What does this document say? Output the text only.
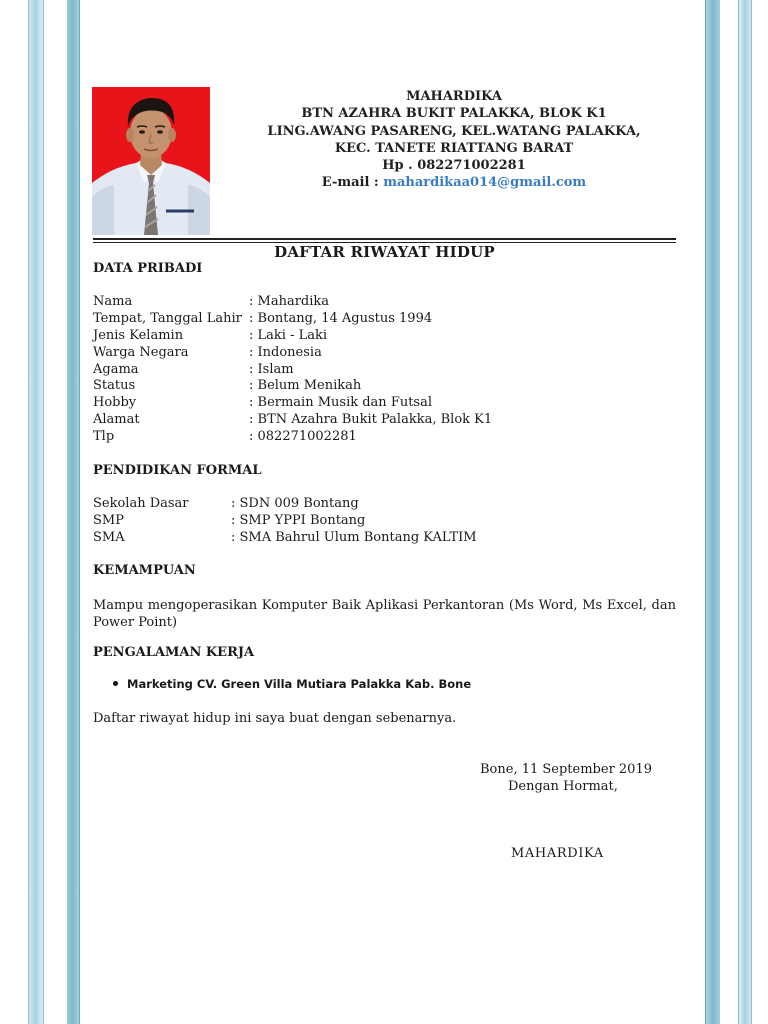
MAHARDIKA
BTN AZAHRA BUKIT PALAKKA, BLOK K1
LING.AWANG PASARENG, KEL.WATANG PALAKKA,
KEC. TANETE RIATTANG BARAT
Hp . 082271002281
E-mail : mahardikaa014@gmail.com
DAFTAR RIWAYAT HIDUP
DATA PRIBADI
Nama	: Mahardika
Tempat, Tanggal Lahir : Bontang, 14 Agustus 1994
Jenis Kelamin	: Laki - Laki
Warga Negara	: Indonesia
Agama	: Islam
Status	: Belum Menikah
Hobby	: Bermain Musik dan Futsal
Alamat	: BTN Azahra Bukit Palakka, Blok K1
Tlp	: 082271002281
PENDIDIKAN FORMAL
Sekolah Dasar	: SDN 009 Bontang
SMP	: SMP YPPI Bontang
SMA	: SMA Bahrul Ulum Bontang KALTIM
KEMAMPUAN
Mampu mengoperasikan Komputer Baik Aplikasi Perkantoran (Ms Word, Ms Excel, dan Power Point)
PENGALAMAN KERJA
Marketing CV. Green Villa Mutiara Palakka Kab. Bone
Daftar riwayat hidup ini saya buat dengan sebenarnya.
Bone, 11 September 2019
Dengan Hormat,
MAHARDIKA
